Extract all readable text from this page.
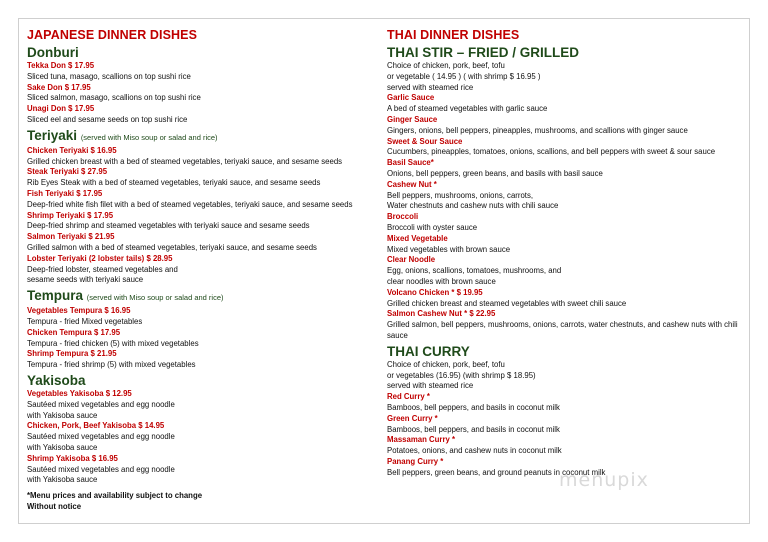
JAPANESE DINNER DISHES
Donburi
Tekka Don $ 17.95
Sliced tuna, masago, scallions on top sushi rice
Sake Don $ 17.95
Sliced salmon, masago, scallions on top sushi rice
Unagi Don $ 17.95
Sliced eel and sesame seeds on top sushi rice
Teriyaki (served with Miso soup or salad and rice)
Chicken Teriyaki $ 16.95
Grilled chicken breast with a bed of steamed vegetables, teriyaki sauce, and sesame seeds
Steak Teriyaki $ 27.95
Rib Eyes Steak with a bed of steamed vegetables, teriyaki sauce, and sesame seeds
Fish Teriyaki $ 17.95
Deep-fried white fish filet with a bed of steamed vegetables, teriyaki sauce, and sesame seeds
Shrimp Teriyaki $ 17.95
Deep-fried shrimp and steamed vegetables with teriyaki sauce and sesame seeds
Salmon Teriyaki $ 21.95
Grilled salmon with a bed of steamed vegetables, teriyaki sauce, and sesame seeds
Lobster Teriyaki (2 lobster tails) $ 28.95
Deep-fried lobster, steamed vegetables and
sesame seeds with teriyaki sauce
Tempura (served with Miso soup or salad and rice)
Vegetables Tempura $ 16.95
Tempura - fried Mixed vegetables
Chicken Tempura $ 17.95
Tempura - fried chicken (5) with mixed vegetables
Shrimp Tempura $ 21.95
Tempura - fried shrimp (5) with mixed vegetables
Yakisoba
Vegetables Yakisoba $ 12.95
Sautéed mixed vegetables and egg noodle
with Yakisoba sauce
Chicken, Pork, Beef Yakisoba $ 14.95
Sautéed mixed vegetables and egg noodle
with Yakisoba sauce
Shrimp Yakisoba $ 16.95
Sautéed mixed vegetables and egg noodle
with Yakisoba sauce
*Menu prices and availability subject to change
Without notice
THAI DINNER DISHES
THAI STIR – FRIED / GRILLED
Choice of chicken, pork, beef, tofu
or vegetable ( 14.95 ) ( with shrimp $ 16.95 )
served with steamed rice
Garlic Sauce
A bed of steamed vegetables with garlic sauce
Ginger Sauce
Gingers, onions, bell peppers, pineapples, mushrooms, and scallions with ginger sauce
Sweet & Sour Sauce
Cucumbers, pineapples, tomatoes, onions, scallions, and bell peppers with sweet & sour sauce
Basil Sauce*
Onions, bell peppers, green beans, and basils with basil sauce
Cashew Nut *
Bell peppers, mushrooms, onions, carrots,
Water chestnuts and cashew nuts with chili sauce
Broccoli
Broccoli with oyster sauce
Mixed Vegetable
Mixed vegetables with brown sauce
Clear Noodle
Egg, onions, scallions, tomatoes, mushrooms, and
clear noodles with brown sauce
Volcano Chicken * $ 19.95
Grilled chicken breast and steamed vegetables with sweet chili sauce
Salmon Cashew Nut * $ 22.95
Grilled salmon, bell peppers, mushrooms, onions, carrots, water chestnuts, and cashew nuts with chili
sauce
THAI CURRY
Choice of chicken, pork, beef, tofu
or vegetables (16.95) (with shrimp $ 18.95)
served with steamed rice
Red Curry *
Bamboos, bell peppers, and basils in coconut milk
Green Curry *
Bamboos, bell peppers, and basils in coconut milk
Massaman Curry *
Potatoes, onions, and cashew nuts in coconut milk
Panang Curry *
Bell peppers, green beans, and ground peanuts in coconut milk
menupix
